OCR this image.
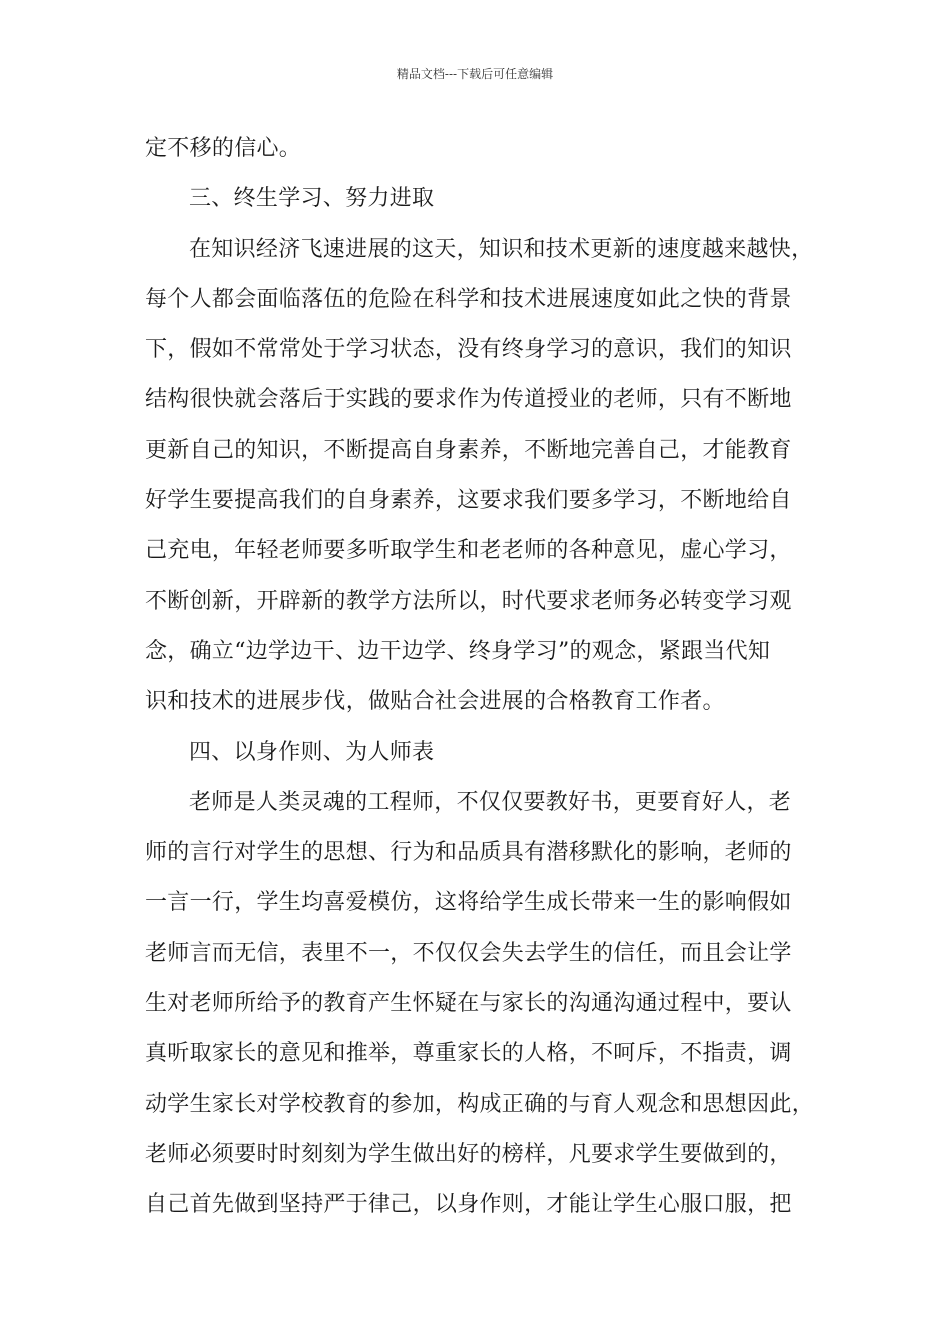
精品文档---下载后可任意编辑
定不移的信心。
三、终生学习、努力进取
在知识经济飞速进展的这天，知识和技术更新的速度越来越快，
每个人都会面临落伍的危险在科学和技术进展速度如此之快的背景
下，假如不常常处于学习状态，没有终身学习的意识，我们的知识
结构很快就会落后于实践的要求作为传道授业的老师，只有不断地
更新自己的知识，不断提高自身素养，不断地完善自己，才能教育
好学生要提高我们的自身素养，这要求我们要多学习，不断地给自
己充电，年轻老师要多听取学生和老老师的各种意见，虚心学习，
不断创新，开辟新的教学方法所以，时代要求老师务必转变学习观
念，确立“边学边干、边干边学、终身学习”的观念，紧跟当代知
识和技术的进展步伐，做贴合社会进展的合格教育工作者。
四、以身作则、为人师表
老师是人类灵魂的工程师，不仅仅要教好书，更要育好人，老
师的言行对学生的思想、行为和品质具有潜移默化的影响，老师的
一言一行，学生均喜爱模仿，这将给学生成长带来一生的影响假如
老师言而无信，表里不一，不仅仅会失去学生的信任，而且会让学
生对老师所给予的教育产生怀疑在与家长的沟通沟通过程中，要认
真听取家长的意见和推举，尊重家长的人格，不呵斥，不指责，调
动学生家长对学校教育的参加，构成正确的与育人观念和思想因此，
老师必须要时时刻刻为学生做出好的榜样，凡要求学生要做到的，
自己首先做到坚持严于律己，以身作则，才能让学生心服口服，把
